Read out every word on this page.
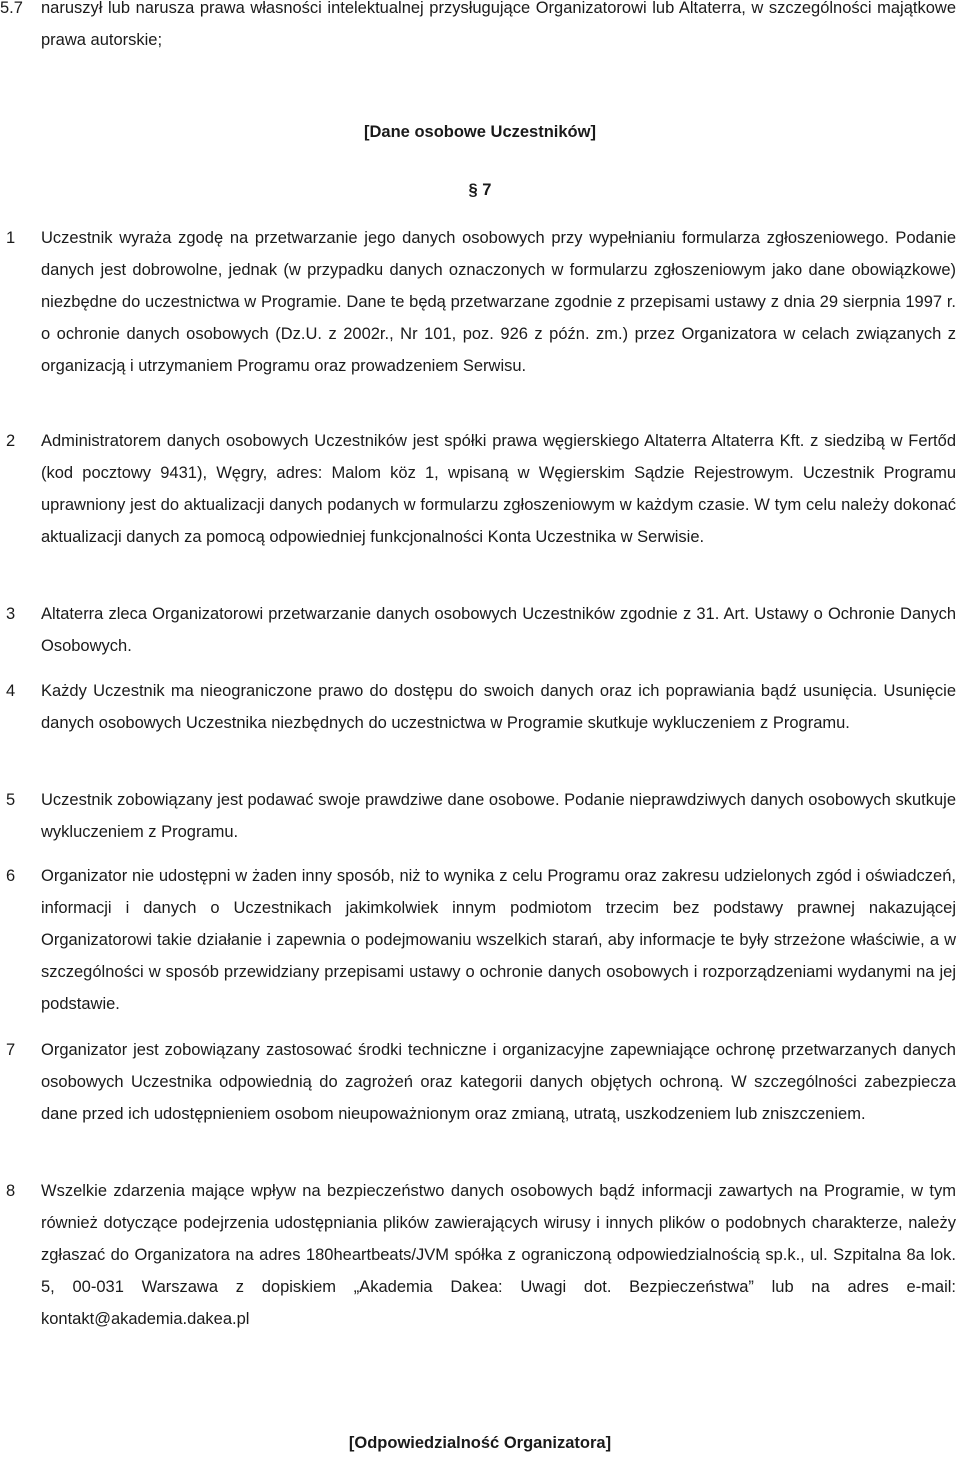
5.7 naruszył lub narusza prawa własności intelektualnej przysługujące Organizatorowi lub Altaterra, w szczególności majątkowe prawa autorskie;
[Dane osobowe Uczestników]
§ 7
1 Uczestnik wyraża zgodę na przetwarzanie jego danych osobowych przy wypełnianiu formularza zgłoszeniowego. Podanie danych jest dobrowolne, jednak (w przypadku danych oznaczonych w formularzu zgłoszeniowym jako dane obowiązkowe) niezbędne do uczestnictwa w Programie. Dane te będą przetwarzane zgodnie z przepisami ustawy z dnia 29 sierpnia 1997 r. o ochronie danych osobowych (Dz.U. z 2002r., Nr 101, poz. 926 z późn. zm.) przez Organizatora w celach związanych z organizacją i utrzymaniem Programu oraz prowadzeniem Serwisu.
2 Administratorem danych osobowych Uczestników jest spółki prawa węgierskiego Altaterra Altaterra Kft. z siedzibą w Fertőd (kod pocztowy 9431), Węgry, adres: Malom köz 1, wpisaną w Węgierskim Sądzie Rejestrowym. Uczestnik Programu uprawniony jest do aktualizacji danych podanych w formularzu zgłoszeniowym w każdym czasie. W tym celu należy dokonać aktualizacji danych za pomocą odpowiedniej funkcjonalności Konta Uczestnika w Serwisie.
3 Altaterra zleca Organizatorowi przetwarzanie danych osobowych Uczestników zgodnie z 31. Art. Ustawy o Ochronie Danych Osobowych.
4 Każdy Uczestnik ma nieograniczone prawo do dostępu do swoich danych oraz ich poprawiania bądź usunięcia. Usunięcie danych osobowych Uczestnika niezbędnych do uczestnictwa w Programie skutkuje wykluczeniem z Programu.
5 Uczestnik zobowiązany jest podawać swoje prawdziwe dane osobowe. Podanie nieprawdziwych danych osobowych skutkuje wykluczeniem z Programu.
6 Organizator nie udostępni w żaden inny sposób, niż to wynika z celu Programu oraz zakresu udzielonych zgód i oświadczeń, informacji i danych o Uczestnikach jakimkolwiek innym podmiotom trzecim bez podstawy prawnej nakazującej Organizatorowi takie działanie i zapewnia o podejmowaniu wszelkich starań, aby informacje te były strzeżone właściwie, a w szczególności w sposób przewidziany przepisami ustawy o ochronie danych osobowych i rozporządzeniami wydanymi na jej podstawie.
7 Organizator jest zobowiązany zastosować środki techniczne i organizacyjne zapewniające ochronę przetwarzanych danych osobowych Uczestnika odpowiednią do zagrożeń oraz kategorii danych objętych ochroną. W szczególności zabezpiecza dane przed ich udostępnieniem osobom nieupoważnionym oraz zmianą, utratą, uszkodzeniem lub zniszczeniem.
8 Wszelkie zdarzenia mające wpływ na bezpieczeństwo danych osobowych bądź informacji zawartych na Programie, w tym również dotyczące podejrzenia udostępniania plików zawierających wirusy i innych plików o podobnych charakterze, należy zgłaszać do Organizatora na adres 180heartbeats/JVM spółka z ograniczoną odpowiedzialnością sp.k., ul. Szpitalna 8a lok. 5, 00-031 Warszawa z dopiskiem „Akademia Dakea: Uwagi dot. Bezpieczeństwa” lub na adres e-mail: kontakt@akademia.dakea.pl
[Odpowiedzialność Organizatora]
